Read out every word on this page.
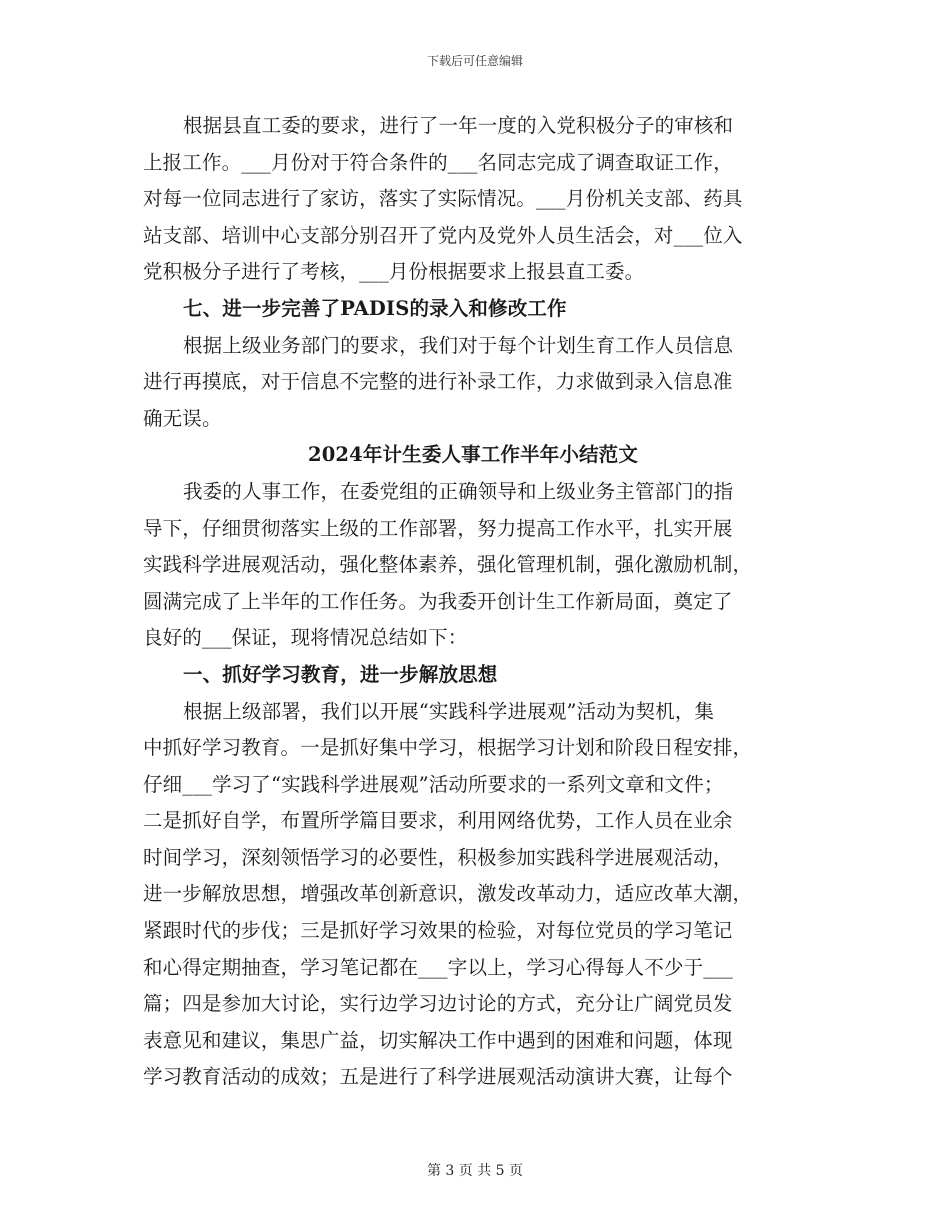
下载后可任意编辑
根据县直工委的要求，进行了一年一度的入党积极分子的审核和
上报工作。___月份对于符合条件的___名同志完成了调查取证工作，
对每一位同志进行了家访，落实了实际情况。___月份机关支部、药具
站支部、培训中心支部分别召开了党内及党外人员生活会，对___位入
党积极分子进行了考核，___月份根据要求上报县直工委。
七、进一步完善了PADIS的录入和修改工作
根据上级业务部门的要求，我们对于每个计划生育工作人员信息
进行再摸底，对于信息不完整的进行补录工作，力求做到录入信息准
确无误。
2024年计生委人事工作半年小结范文
我委的人事工作，在委党组的正确领导和上级业务主管部门的指
导下，仔细贯彻落实上级的工作部署，努力提高工作水平，扎实开展
实践科学进展观活动，强化整体素养，强化管理机制，强化激励机制，
圆满完成了上半年的工作任务。为我委开创计生工作新局面，奠定了
良好的___保证，现将情况总结如下：
一、抓好学习教育，进一步解放思想
根据上级部署，我们以开展“实践科学进展观”活动为契机，集
中抓好学习教育。一是抓好集中学习，根据学习计划和阶段日程安排，
仔细___学习了“实践科学进展观”活动所要求的一系列文章和文件；
二是抓好自学，布置所学篇目要求，利用网络优势，工作人员在业余
时间学习，深刻领悟学习的必要性，积极参加实践科学进展观活动，
进一步解放思想，增强改革创新意识，激发改革动力，适应改革大潮，
紧跟时代的步伐；三是抓好学习效果的检验，对每位党员的学习笔记
和心得定期抽查，学习笔记都在___字以上，学习心得每人不少于___
篇；四是参加大讨论，实行边学习边讨论的方式，充分让广阔党员发
表意见和建议，集思广益，切实解决工作中遇到的困难和问题，体现
学习教育活动的成效；五是进行了科学进展观活动演讲大赛，让每个
第 3 页 共 5 页
